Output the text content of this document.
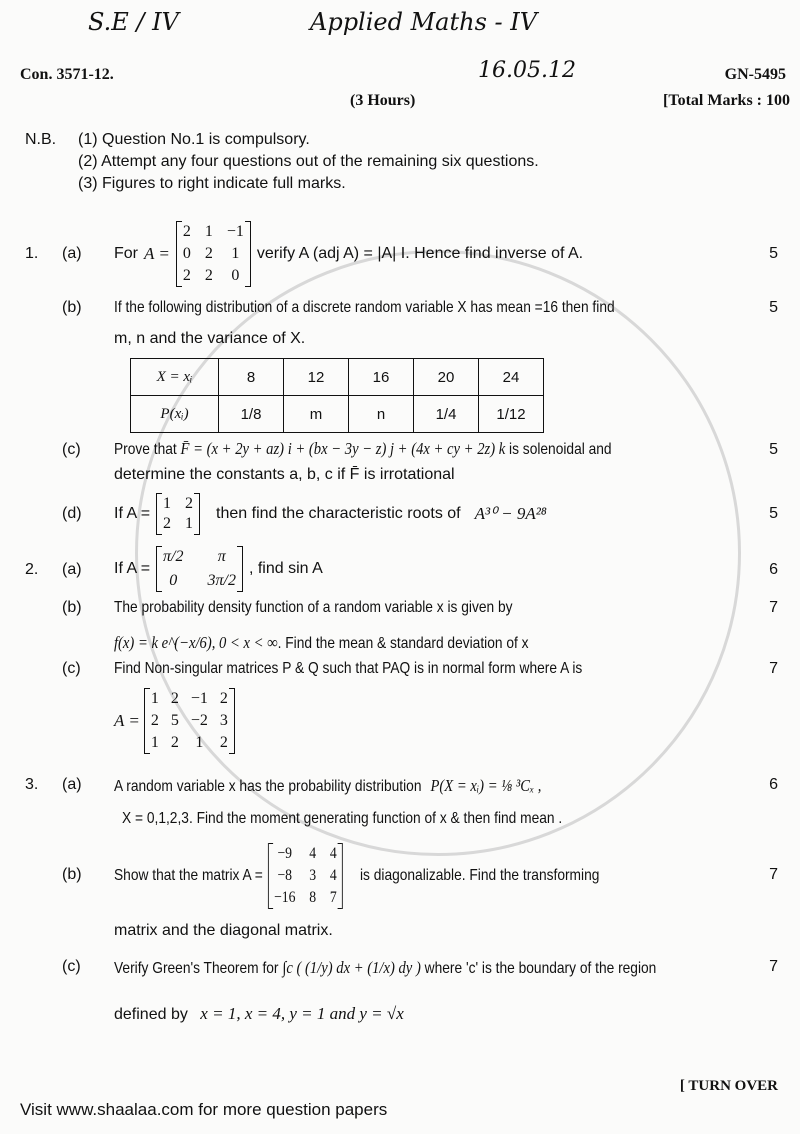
S.E / IV	Applied Maths - IV
Con. 3571-12.	16.05.12	GN-5495
(3 Hours)	[Total Marks : 100
N.B. (1) Question No.1 is compulsory.
(2) Attempt any four questions out of the remaining six questions.
(3) Figures to right indicate full marks.
1. (a) For A =
2 1 −1
0 2 1
2 2 0
verify A (adj A) = |A| I. Hence find inverse of A.	5
(b) If the following distribution of a discrete random variable X has mean =16 then find
m, n and the variance of X.
5
X = xᵢ	8	12	16	20	24
P(xᵢ)	1/8	m	n	1/4	1/12
(c) Prove that F̄ = (x + 2y + az) i + (bx − 3y − z) j + (4x + cy + 2z) k is solenoidal and
determine the constants a, b, c if F̄ is irrotational
5
(d) If A =
1 2
2 1
then find the characteristic roots of A³⁰ − 9A²⁸	5
2. (a) If A =
π/2	π
0	3π/2
, find sin A	6
(b) The probability density function of a random variable x is given by
f(x) = k e^(−x/6), 0 < x < ∞. Find the mean & standard deviation of x
7
(c) Find Non-singular matrices P & Q such that PAQ is in normal form where A is	7
A =
1 2 −1 2
2 5 −2 3
1 2 1 2
3. (a) A random variable x has the probability distribution P(X = xᵢ) = ⅛ ³Cₓ ,
X = 0,1,2,3. Find the moment generating function of x & then find mean .
6
(b) Show that the matrix A =
−9 4 4
−8 3 4
−16 8 7
is diagonalizable. Find the transforming	7
matrix and the diagonal matrix.
(c) Verify Green's Theorem for ∫c ( (1/y) dx + (1/x) dy ) where 'c' is the boundary of the region	7
defined by x = 1, x = 4, y = 1 and y = √x
[ TURN OVER
Visit www.shaalaa.com for more question papers
